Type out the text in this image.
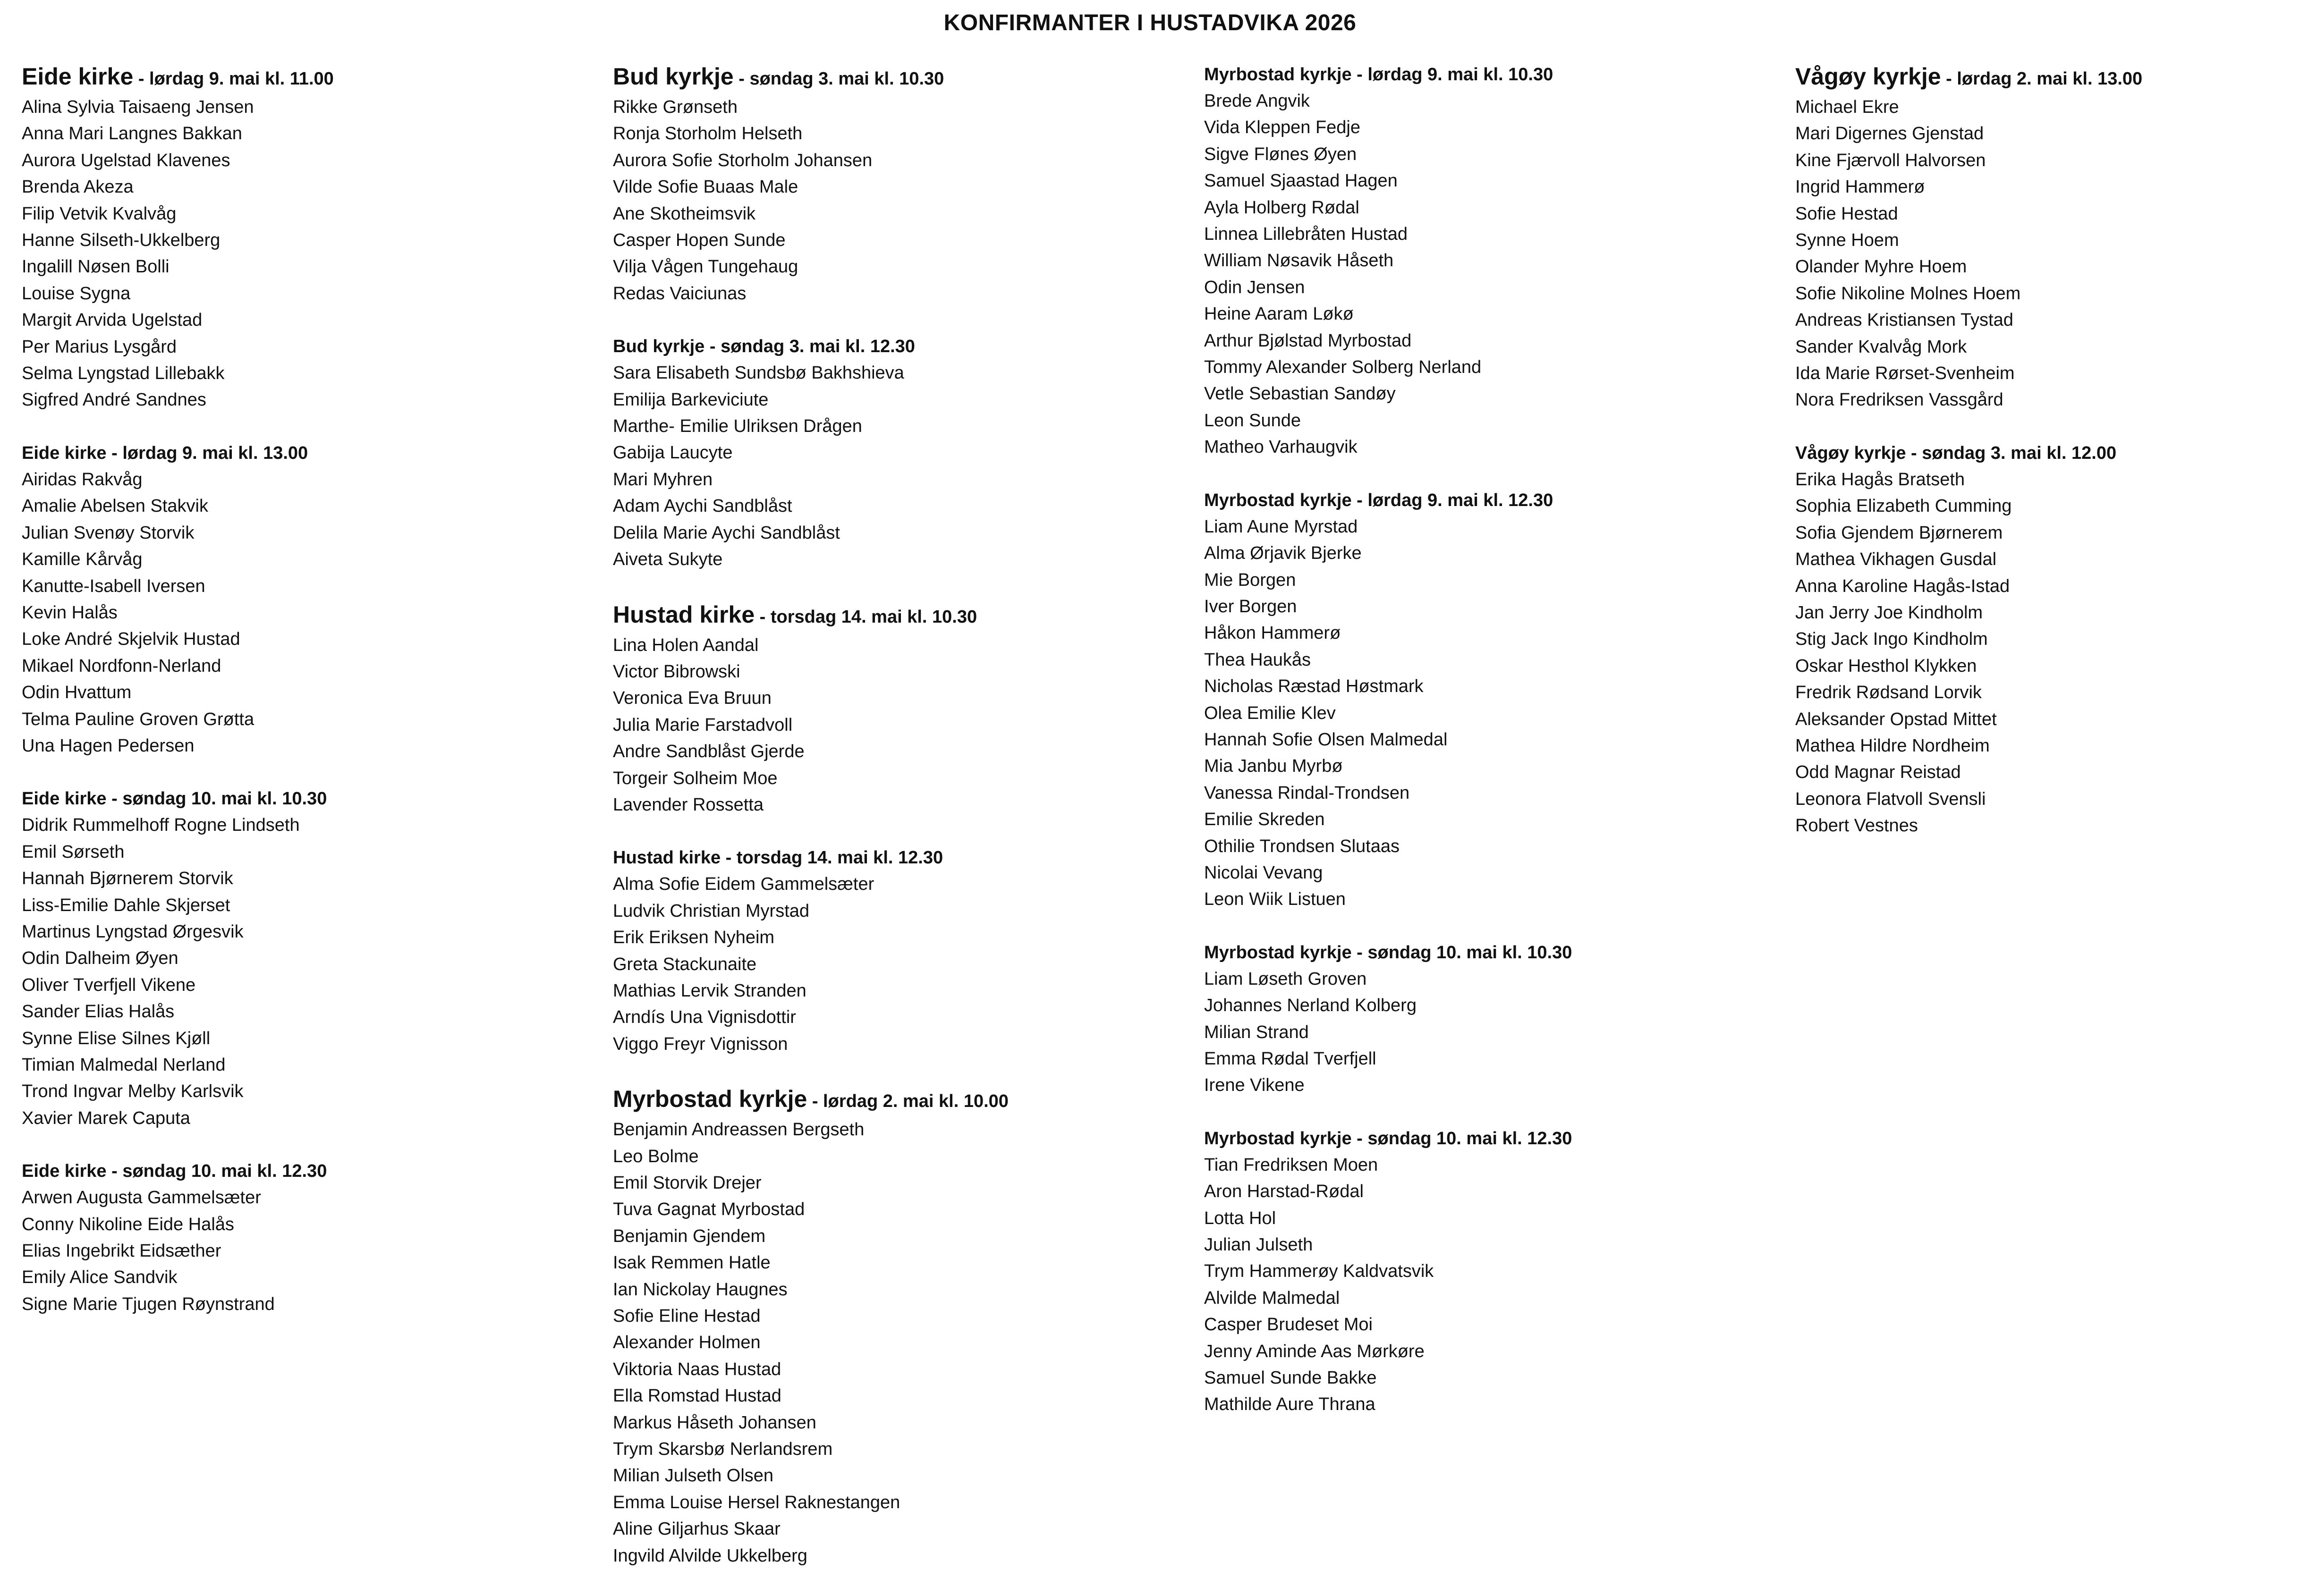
KONFIRMANTER I HUSTADVIKA 2026
Eide kirke - lørdag 9. mai kl. 11.00
Alina Sylvia Taisaeng Jensen
Anna Mari Langnes Bakkan
Aurora Ugelstad Klavenes
Brenda Akeza
Filip Vetvik Kvalvåg
Hanne Silseth-Ukkelberg
Ingalill Nøsen Bolli
Louise Sygna
Margit Arvida Ugelstad
Per Marius Lysgård
Selma Lyngstad Lillebakk
Sigfred André Sandnes
Eide kirke - lørdag 9. mai kl. 13.00
Airidas Rakvåg
Amalie Abelsen Stakvik
Julian Svenøy Storvik
Kamille Kårvåg
Kanutte-Isabell Iversen
Kevin Halås
Loke André Skjelvik Hustad
Mikael Nordfonn-Nerland
Odin Hvattum
Telma Pauline Groven Grøtta
Una Hagen Pedersen
Eide kirke - søndag 10. mai kl. 10.30
Didrik Rummelhoff Rogne Lindseth
Emil Sørseth
Hannah Bjørnerem Storvik
Liss-Emilie Dahle Skjerset
Martinus Lyngstad Ørgesvik
Odin Dalheim Øyen
Oliver Tverfjell Vikene
Sander Elias Halås
Synne Elise Silnes Kjøll
Timian Malmedal Nerland
Trond Ingvar Melby Karlsvik
Xavier Marek Caputa
Eide kirke - søndag 10. mai kl. 12.30
Arwen Augusta Gammelsæter
Conny Nikoline Eide Halås
Elias Ingebrikt Eidsæther
Emily Alice Sandvik
Signe Marie Tjugen Røynstrand
Bud kyrkje - søndag 3. mai kl. 10.30
Rikke Grønseth
Ronja Storholm Helseth
Aurora Sofie Storholm Johansen
Vilde Sofie Buaas Male
Ane Skotheimsvik
Casper Hopen Sunde
Vilja Vågen Tungehaug
Redas Vaiciunas
Bud kyrkje - søndag 3. mai kl. 12.30
Sara Elisabeth Sundsbø Bakhshieva
Emilija Barkeviciute
Marthe- Emilie Ulriksen Drågen
Gabija Laucyte
Mari Myhren
Adam Aychi Sandblåst
Delila Marie Aychi Sandblåst
Aiveta Sukyte
Hustad kirke - torsdag 14. mai kl. 10.30
Lina Holen Aandal
Victor Bibrowski
Veronica Eva Bruun
Julia Marie Farstadvoll
Andre Sandblåst Gjerde
Torgeir Solheim Moe
Lavender Rossetta
Hustad kirke - torsdag 14. mai kl. 12.30
Alma Sofie Eidem Gammelsæter
Ludvik Christian Myrstad
Erik Eriksen Nyheim
Greta Stackunaite
Mathias Lervik Stranden
Arndís Una Vignisdottir
Viggo Freyr Vignisson
Myrbostad kyrkje - lørdag 2. mai kl. 10.00
Benjamin Andreassen Bergseth
Leo Bolme
Emil Storvik Drejer
Tuva Gagnat Myrbostad
Benjamin Gjendem
Isak Remmen Hatle
Ian Nickolay Haugnes
Sofie Eline Hestad
Alexander Holmen
Viktoria Naas Hustad
Ella Romstad Hustad
Markus Håseth Johansen
Trym Skarsbø Nerlandsrem
Milian Julseth Olsen
Emma Louise Hersel Raknestangen
Aline Giljarhus Skaar
Ingvild Alvilde Ukkelberg
Myrbostad kyrkje - lørdag 9. mai kl. 10.30
Brede Angvik
Vida Kleppen Fedje
Sigve Flønes Øyen
Samuel Sjaastad Hagen
Ayla Holberg Rødal
Linnea Lillebråten Hustad
William Nøsavik Håseth
Odin Jensen
Heine Aaram Løkø
Arthur Bjølstad Myrbostad
Tommy Alexander Solberg Nerland
Vetle Sebastian Sandøy
Leon Sunde
Matheo Varhaugvik
Myrbostad kyrkje - lørdag 9. mai kl. 12.30
Liam Aune Myrstad
Alma Ørjavik Bjerke
Mie Borgen
Iver Borgen
Håkon Hammerø
Thea Haukås
Nicholas Ræstad Høstmark
Olea Emilie Klev
Hannah Sofie Olsen Malmedal
Mia Janbu Myrbø
Vanessa Rindal-Trondsen
Emilie Skreden
Othilie Trondsen Slutaas
Nicolai Vevang
Leon Wiik Listuen
Myrbostad kyrkje - søndag 10. mai kl. 10.30
Liam Løseth Groven
Johannes Nerland Kolberg
Milian Strand
Emma Rødal Tverfjell
Irene Vikene
Myrbostad kyrkje - søndag 10. mai kl. 12.30
Tian Fredriksen Moen
Aron Harstad-Rødal
Lotta Hol
Julian Julseth
Trym Hammerøy Kaldvatsvik
Alvilde Malmedal
Casper Brudeset Moi
Jenny Aminde Aas Mørkøre
Samuel Sunde Bakke
Mathilde Aure Thrana
Vågøy kyrkje - lørdag 2. mai kl. 13.00
Michael Ekre
Mari Digernes Gjenstad
Kine Fjærvoll Halvorsen
Ingrid Hammerø
Sofie Hestad
Synne Hoem
Olander Myhre Hoem
Sofie Nikoline Molnes Hoem
Andreas Kristiansen Tystad
Sander Kvalvåg Mork
Ida Marie Rørset-Svenheim
Nora Fredriksen Vassgård
Vågøy kyrkje - søndag 3. mai kl. 12.00
Erika Hagås Bratseth
Sophia Elizabeth Cumming
Sofia Gjendem Bjørnerem
Mathea Vikhagen Gusdal
Anna Karoline Hagås-Istad
Jan Jerry Joe Kindholm
Stig Jack Ingo Kindholm
Oskar Hesthol Klykken
Fredrik Rødsand Lorvik
Aleksander Opstad Mittet
Mathea Hildre Nordheim
Odd Magnar Reistad
Leonora Flatvoll Svensli
Robert Vestnes
